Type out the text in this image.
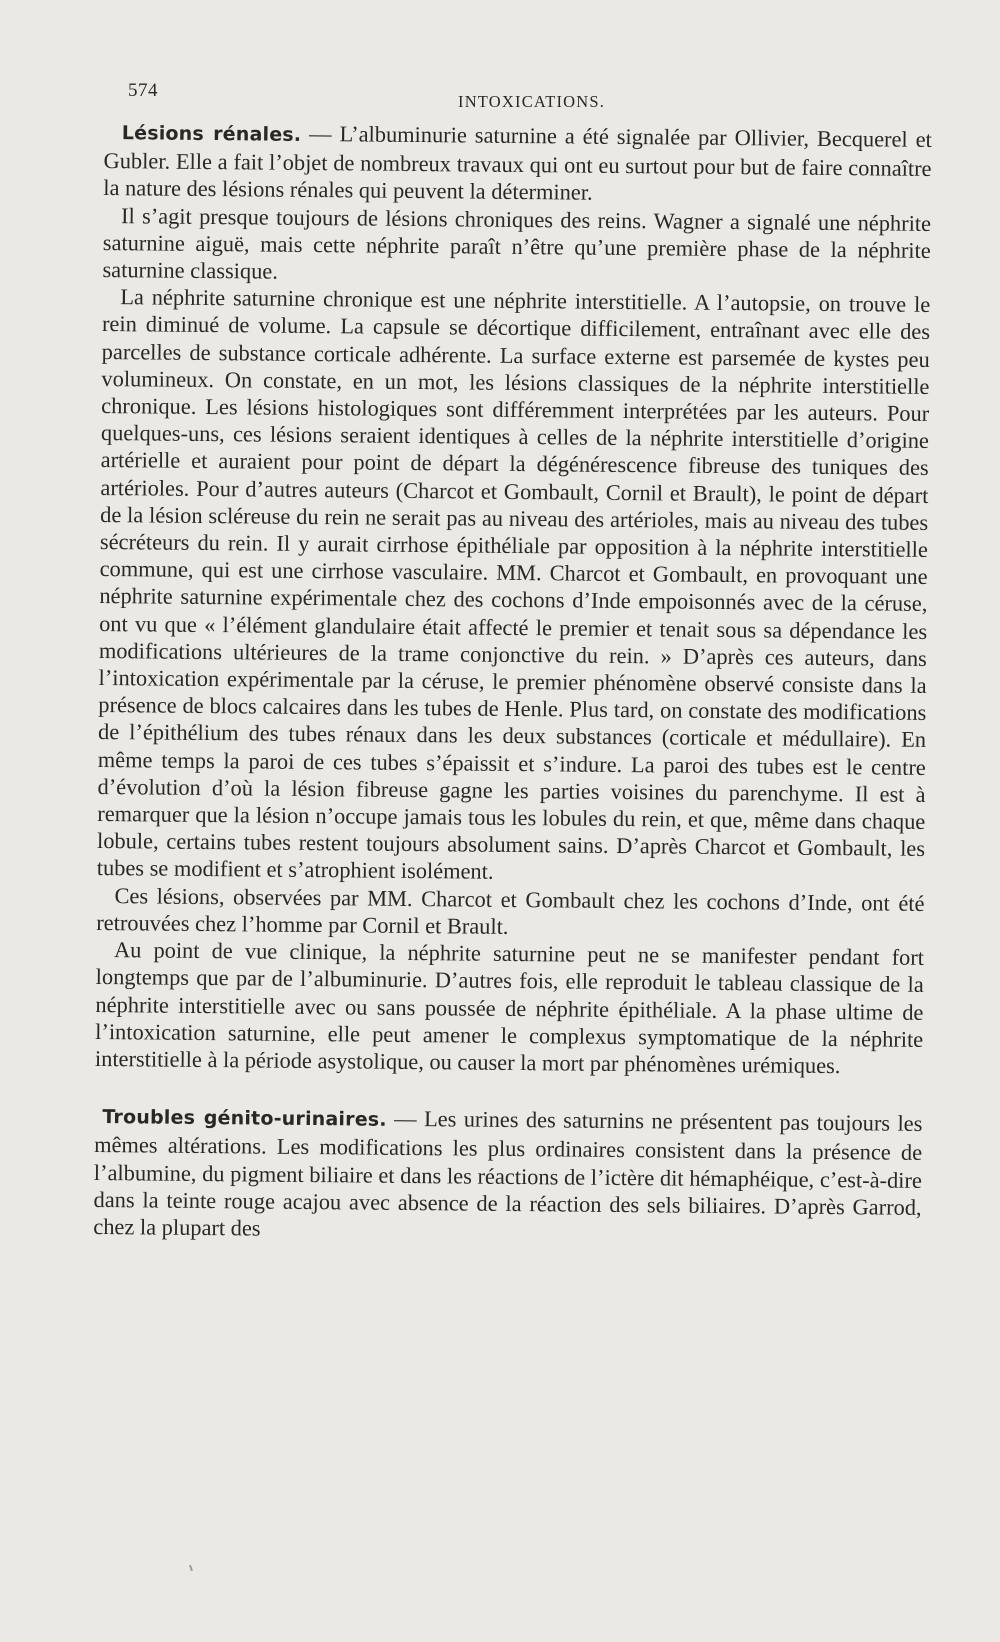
574
INTOXICATIONS.

Lésions rénales. — L’albuminurie saturnine a été signalée par Ollivier, Becquerel et Gubler. Elle a fait l’objet de nombreux travaux qui ont eu surtout pour but de faire connaître la nature des lésions rénales qui peuvent la déterminer.

Il s’agit presque toujours de lésions chroniques des reins. Wagner a signalé une néphrite saturnine aiguë, mais cette néphrite paraît n’être qu’une première phase de la néphrite saturnine classique.

La néphrite saturnine chronique est une néphrite interstitielle. A l’autopsie, on trouve le rein diminué de volume. La capsule se décortique difficilement, entraînant avec elle des parcelles de substance corticale adhérente. La surface externe est parsemée de kystes peu volumineux. On constate, en un mot, les lésions classiques de la néphrite interstitielle chronique. Les lésions histologiques sont différemment interprétées par les auteurs. Pour quelques-uns, ces lésions seraient identiques à celles de la néphrite interstitielle d’origine artérielle et auraient pour point de départ la dégénérescence fibreuse des tuniques des artérioles. Pour d’autres auteurs (Charcot et Gombault, Cornil et Brault), le point de départ de la lésion scléreuse du rein ne serait pas au niveau des artérioles, mais au niveau des tubes sécréteurs du rein. Il y aurait cirrhose épithéliale par opposition à la néphrite interstitielle commune, qui est une cirrhose vasculaire. MM. Charcot et Gombault, en provoquant une néphrite saturnine expérimentale chez des cochons d’Inde empoisonnés avec de la céruse, ont vu que « l’élément glandulaire était affecté le premier et tenait sous sa dépendance les modifications ultérieures de la trame conjonctive du rein. » D’après ces auteurs, dans l’intoxication expérimentale par la céruse, le premier phénomène observé consiste dans la présence de blocs calcaires dans les tubes de Henle. Plus tard, on constate des modifications de l’épithélium des tubes rénaux dans les deux substances (corticale et médullaire). En même temps la paroi de ces tubes s’épaissit et s’indure. La paroi des tubes est le centre d’évolution d’où la lésion fibreuse gagne les parties voisines du parenchyme. Il est à remarquer que la lésion n’occupe jamais tous les lobules du rein, et que, même dans chaque lobule, certains tubes restent toujours absolument sains. D’après Charcot et Gombault, les tubes se modifient et s’atrophient isolément.

Ces lésions, observées par MM. Charcot et Gombault chez les cochons d’Inde, ont été retrouvées chez l’homme par Cornil et Brault.

Au point de vue clinique, la néphrite saturnine peut ne se manifester pendant fort longtemps que par de l’albuminurie. D’autres fois, elle reproduit le tableau classique de la néphrite interstitielle avec ou sans poussée de néphrite épithéliale. A la phase ultime de l’intoxication saturnine, elle peut amener le complexus symptomatique de la néphrite interstitielle à la période asystolique, ou causer la mort par phénomènes urémiques.

Troubles génito-urinaires. — Les urines des saturnins ne présentent pas toujours les mêmes altérations. Les modifications les plus ordinaires consistent dans la présence de l’albumine, du pigment biliaire et dans les réactions de l’ictère dit hémaphéique, c’est-à-dire dans la teinte rouge acajou avec absence de la réaction des sels biliaires. D’après Garrod, chez la plupart des
